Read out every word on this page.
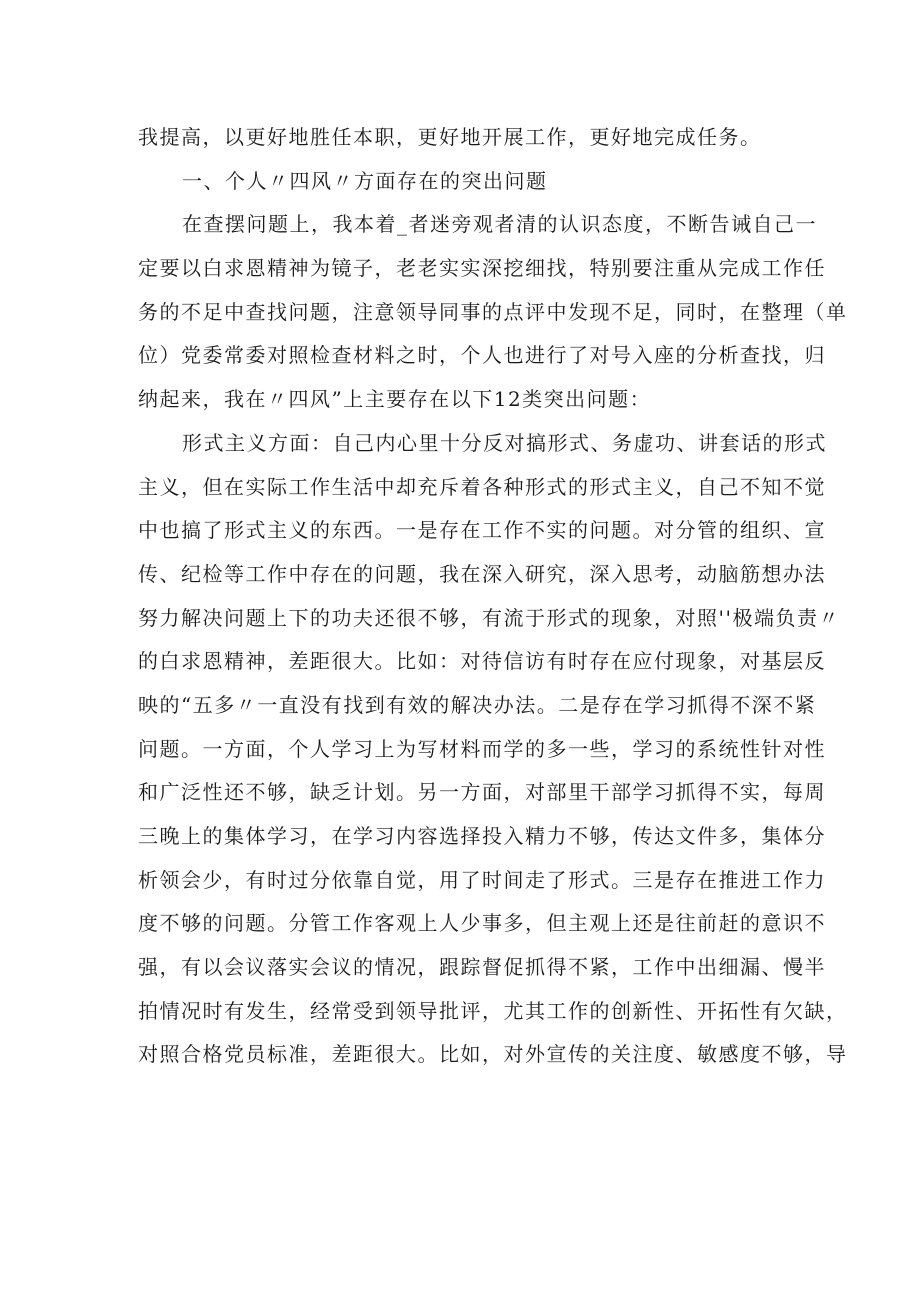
我提高，以更好地胜任本职，更好地开展工作，更好地完成任务。
一、个人〃四风〃方面存在的突出问题
在查摆问题上，我本着_者迷旁观者清的认识态度，不断告诫自己一
定要以白求恩精神为镜子，老老实实深挖细找，特别要注重从完成工作任
务的不足中查找问题，注意领导同事的点评中发现不足，同时，在整理（单
位）党委常委对照检查材料之时，个人也进行了对号入座的分析查找，归
纳起来，我在〃四风”上主要存在以下12类突出问题：
形式主义方面：自己内心里十分反对搞形式、务虚功、讲套话的形式
主义，但在实际工作生活中却充斥着各种形式的形式主义，自己不知不觉
中也搞了形式主义的东西。一是存在工作不实的问题。对分管的组织、宣
传、纪检等工作中存在的问题，我在深入研究，深入思考，动脑筋想办法
努力解决问题上下的功夫还很不够，有流于形式的现象，对照''极端负责〃
的白求恩精神，差距很大。比如：对待信访有时存在应付现象，对基层反
映的“五多〃一直没有找到有效的解决办法。二是存在学习抓得不深不紧
问题。一方面，个人学习上为写材料而学的多一些，学习的系统性针对性
和广泛性还不够，缺乏计划。另一方面，对部里干部学习抓得不实，每周
三晚上的集体学习，在学习内容选择投入精力不够，传达文件多，集体分
析领会少，有时过分依靠自觉，用了时间走了形式。三是存在推进工作力
度不够的问题。分管工作客观上人少事多，但主观上还是往前赶的意识不
强，有以会议落实会议的情况，跟踪督促抓得不紧，工作中出细漏、慢半
拍情况时有发生，经常受到领导批评，尤其工作的创新性、开拓性有欠缺，
对照合格党员标准，差距很大。比如，对外宣传的关注度、敏感度不够，导
